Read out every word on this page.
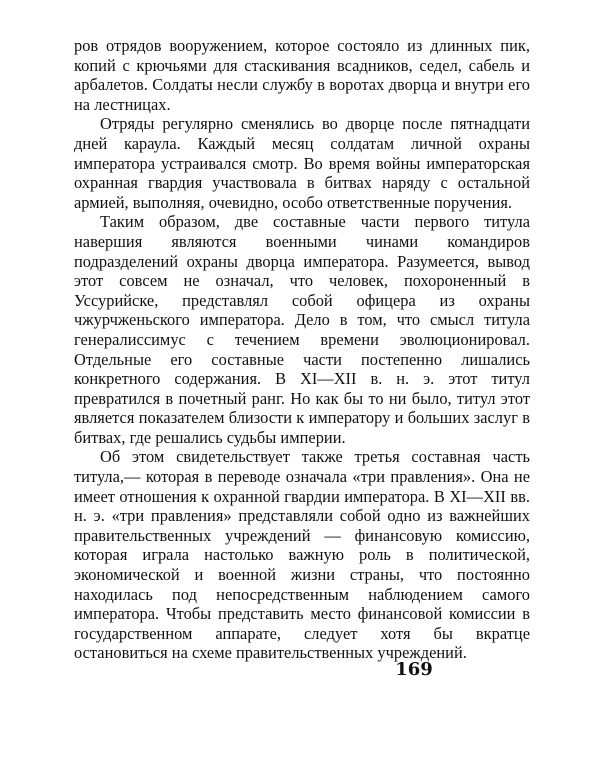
ров отрядов вооружением, которое состояло из длинных пик, копий с крючьями для стаскивания всадников, седел, сабель и арбалетов. Солдаты несли службу в воротах дворца и внутри его на лестницах.

Отряды регулярно сменялись во дворце после пятнадцати дней караула. Каждый месяц солдатам личной охраны императора устраивался смотр. Во время войны императорская охранная гвардия участвовала в битвах наряду с остальной армией, выполняя, очевидно, особо ответственные поручения.

Таким образом, две составные части первого титула навершия являются военными чинами командиров подразделений охраны дворца императора. Разумеется, вывод этот совсем не означал, что человек, похороненный в Уссурийске, представлял собой офицера из охраны чжурчженьского императора. Дело в том, что смысл титула генералиссимус с течением времени эволюционировал. Отдельные его составные части постепенно лишались конкретного содержания. В XI—XII в. н. э. этот титул превратился в почетный ранг. Но как бы то ни было, титул этот является показателем близости к императору и больших заслуг в битвах, где решались судьбы империи.

Об этом свидетельствует также третья составная часть титула,— которая в переводе означала «три правления». Она не имеет отношения к охранной гвардии императора. В XI—XII вв. н. э. «три правления» представляли собой одно из важнейших правительственных учреждений — финансовую комиссию, которая играла настолько важную роль в политической, экономической и военной жизни страны, что постоянно находилась под непосредственным наблюдением самого императора. Чтобы представить место финансовой комиссии в государственном аппарате, следует хотя бы вкратце остановиться на схеме правительственных учреждений.

169
